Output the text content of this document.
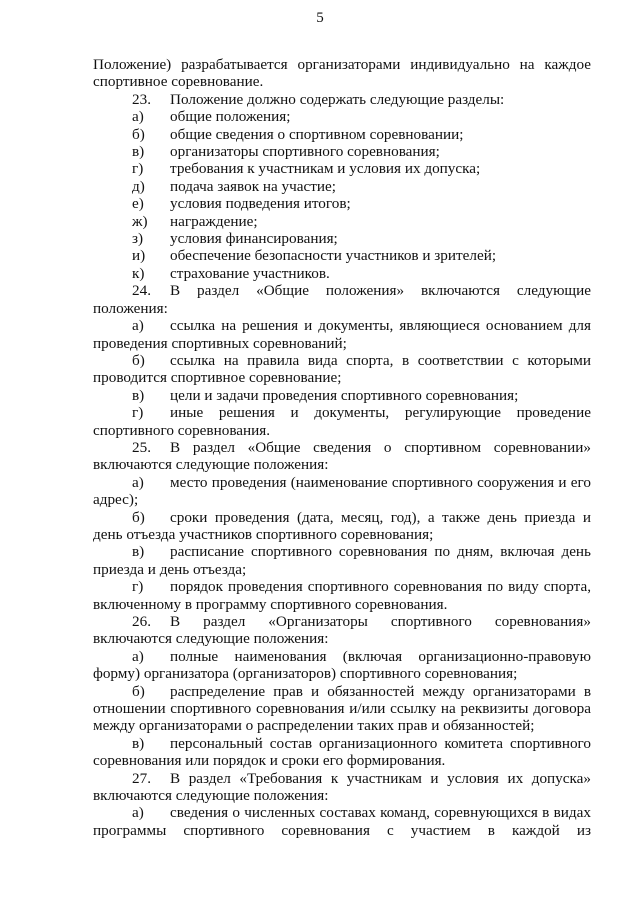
5

Положение) разрабатывается организаторами индивидуально на каждое спортивное соревнование.

23. Положение должно содержать следующие разделы:

а) общие положения;

б) общие сведения о спортивном соревновании;

в) организаторы спортивного соревнования;

г) требования к участникам и условия их допуска;

д) подача заявок на участие;

е) условия подведения итогов;

ж) награждение;

з) условия финансирования;

и) обеспечение безопасности участников и зрителей;

к) страхование участников.

24. В раздел «Общие положения» включаются следующие положения:

а) ссылка на решения и документы, являющиеся основанием для проведения спортивных соревнований;

б) ссылка на правила вида спорта, в соответствии с которыми проводится спортивное соревнование;

в) цели и задачи проведения спортивного соревнования;

г) иные решения и документы, регулирующие проведение спортивного соревнования.

25. В раздел «Общие сведения о спортивном соревновании» включаются следующие положения:

а) место проведения (наименование спортивного сооружения и его адрес);

б) сроки проведения (дата, месяц, год), а также день приезда и день отъезда участников спортивного соревнования;

в) расписание спортивного соревнования по дням, включая день приезда и день отъезда;

г) порядок проведения спортивного соревнования по виду спорта, включенному в программу спортивного соревнования.

26. В раздел «Организаторы спортивного соревнования» включаются следующие положения:

а) полные наименования (включая организационно-правовую форму) организатора (организаторов) спортивного соревнования;

б) распределение прав и обязанностей между организаторами в отношении спортивного соревнования и/или ссылку на реквизиты договора между организаторами о распределении таких прав и обязанностей;

в) персональный состав организационного комитета спортивного соревнования или порядок и сроки его формирования.

27. В раздел «Требования к участникам и условия их допуска» включаются следующие положения:

а) сведения о численных составах команд, соревнующихся в видах программы спортивного соревнования с участием в каждой из
